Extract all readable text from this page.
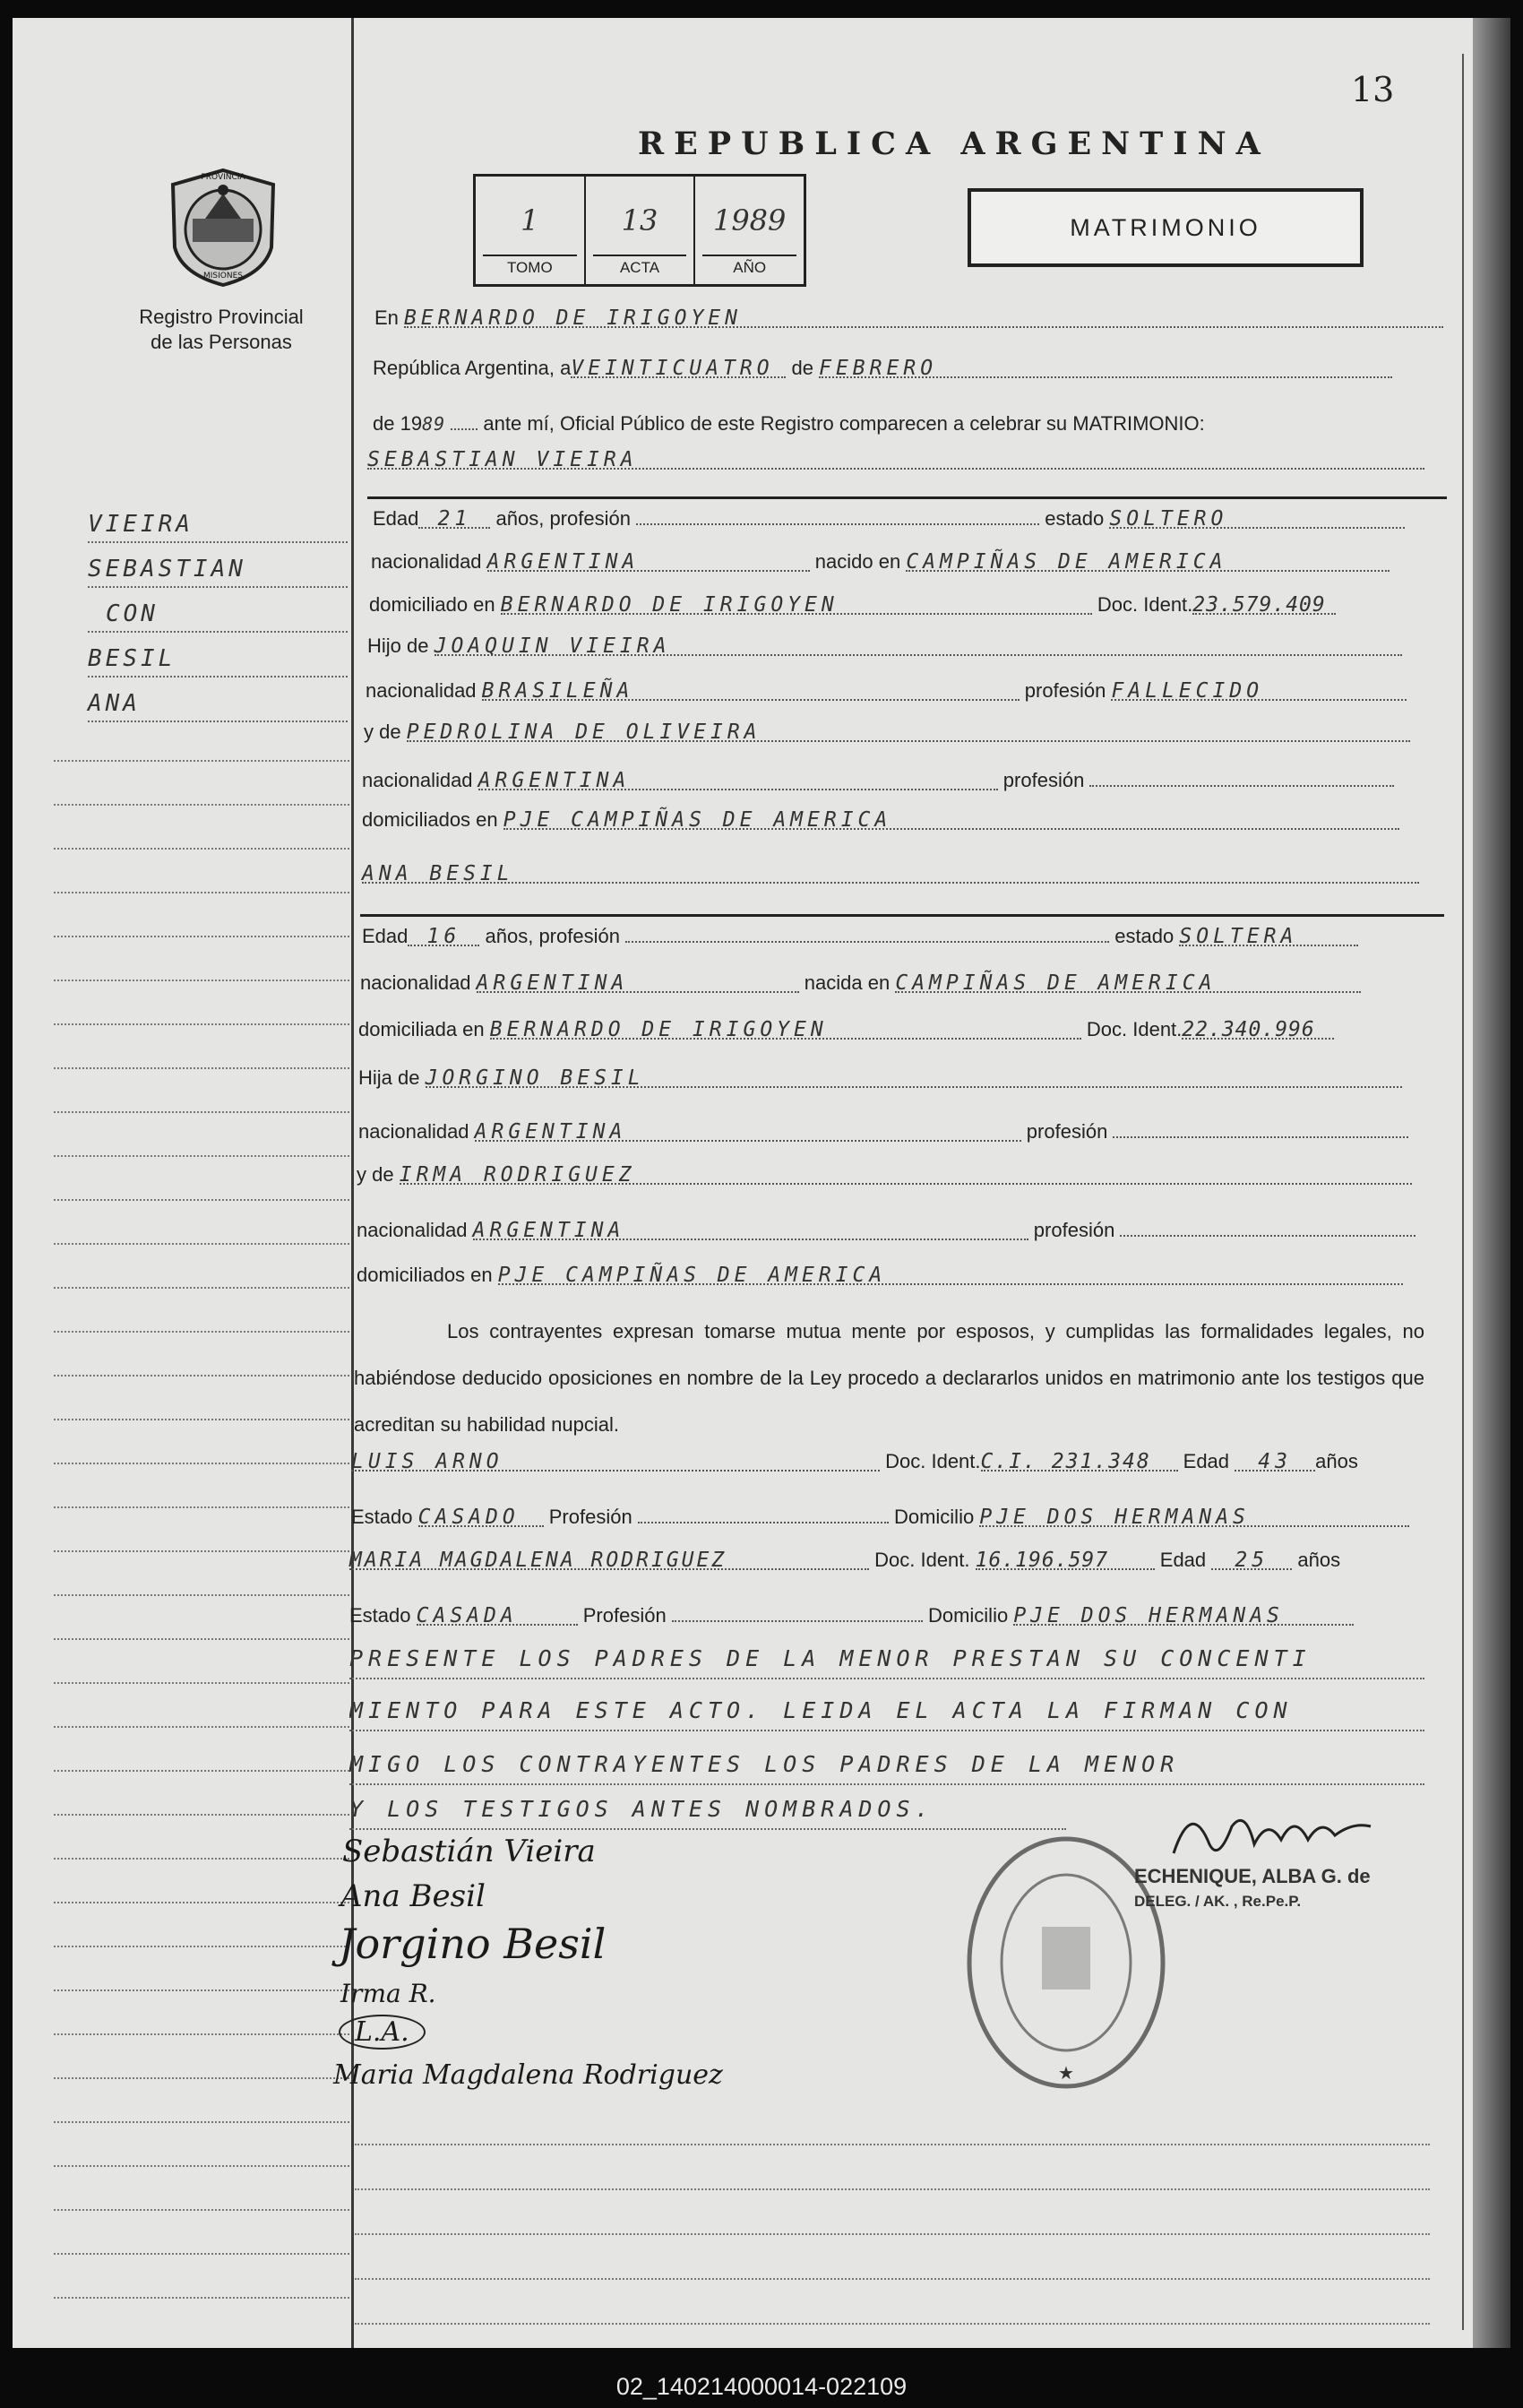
13
REPUBLICA ARGENTINA
1
TOMO
13
ACTA
1989
AÑO
MATRIMONIO
PROVINCIA
MISIONES
Registro Provincial
de las Personas
VIEIRA
SEBASTIAN
CON
BESIL
ANA
En BERNARDO DE IRIGOYEN
República Argentina, aVEINTICUATRO de FEBRERO
de 1989 ante mí, Oficial Público de este Registro comparecen a celebrar su MATRIMONIO:
SEBASTIAN VIEIRA
Edad 21 años, profesión	estado SOLTERO
nacionalidad ARGENTINA	nacido en CAMPIÑAS DE AMERICA
domiciliado en BERNARDO DE IRIGOYEN	Doc. Ident.23.579.409
Hijo de JOAQUIN VIEIRA
nacionalidad BRASILEÑA	profesión FALLECIDO
y de PEDROLINA DE OLIVEIRA
nacionalidad ARGENTINA	profesión
domiciliados en PJE CAMPIÑAS DE AMERICA
ANA BESIL
Edad 16 años, profesión	estado SOLTERA
nacionalidad ARGENTINA	nacida en CAMPIÑAS DE AMERICA
domiciliada en BERNARDO DE IRIGOYEN	Doc. Ident.22.340.996
Hija de JORGINO BESIL
nacionalidad ARGENTINA	profesión
y de IRMA RODRIGUEZ
nacionalidad ARGENTINA	profesión
domiciliados en PJE CAMPIÑAS DE AMERICA
Los contrayentes expresan tomarse mutua mente por esposos, y cumplidas las formalidades legales, no habiéndose deducido oposiciones en nombre de la Ley procedo a declararlos unidos en matrimonio ante los testigos que acreditan su habilidad nupcial.
LUIS ARNO	Doc. Ident.C.I. 231.348 Edad 43 años
Estado CASADO Profesión	Domicilio PJE DOS HERMANAS
MARIA MAGDALENA RODRIGUEZ	Doc. Ident. 16.196.597	Edad 25 años
Estado CASADA	Profesión	Domicilio PJE DOS HERMANAS
PRESENTE LOS PADRES DE LA MENOR PRESTAN SU CONCENTI
MIENTO PARA ESTE ACTO. LEIDA EL ACTA LA FIRMAN CON
MIGO LOS CONTRAYENTES LOS PADRES DE LA MENOR
Y LOS TESTIGOS ANTES NOMBRADOS.
Sebastián Vieira
Ana Besil
Jorgino Besil
Irma R.
L.A.
Maria Magdalena Rodriguez	★
ECHENIQUE, ALBA G. de
DELEG. / AK. , Re.Pe.P.
02_140214000014-022109
